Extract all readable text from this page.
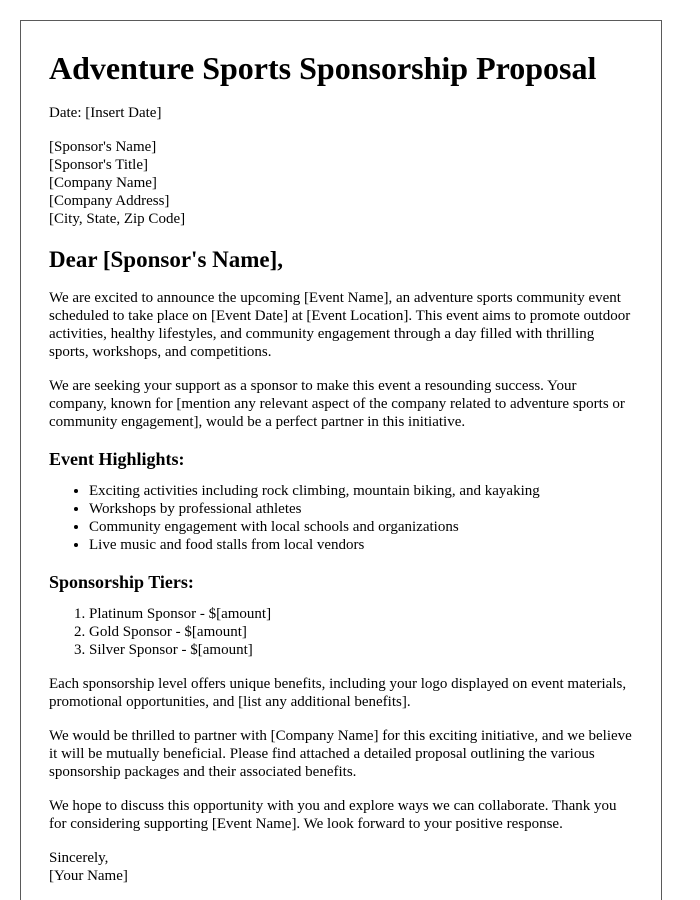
Adventure Sports Sponsorship Proposal

Date: [Insert Date]

[Sponsor's Name]
[Sponsor's Title]
[Company Name]
[Company Address]
[City, State, Zip Code]
Dear [Sponsor's Name],

We are excited to announce the upcoming [Event Name], an adventure sports community event scheduled to take place on [Event Date] at [Event Location]. This event aims to promote outdoor activities, healthy lifestyles, and community engagement through a day filled with thrilling sports, workshops, and competitions.

We are seeking your support as a sponsor to make this event a resounding success. Your company, known for [mention any relevant aspect of the company related to adventure sports or community engagement], would be a perfect partner in this initiative.

Event Highlights:
• Exciting activities including rock climbing, mountain biking, and kayaking
• Workshops by professional athletes
• Community engagement with local schools and organizations
• Live music and food stalls from local vendors
Sponsorship Tiers:
1. Platinum Sponsor - $[amount]
2. Gold Sponsor - $[amount]
3. Silver Sponsor - $[amount]

Each sponsorship level offers unique benefits, including your logo displayed on event materials, promotional opportunities, and [list any additional benefits].

We would be thrilled to partner with [Company Name] for this exciting initiative, and we believe it will be mutually beneficial. Please find attached a detailed proposal outlining the various sponsorship packages and their associated benefits.

We hope to discuss this opportunity with you and explore ways we can collaborate. Thank you for considering supporting [Event Name]. We look forward to your positive response.

Sincerely,
[Your Name]
